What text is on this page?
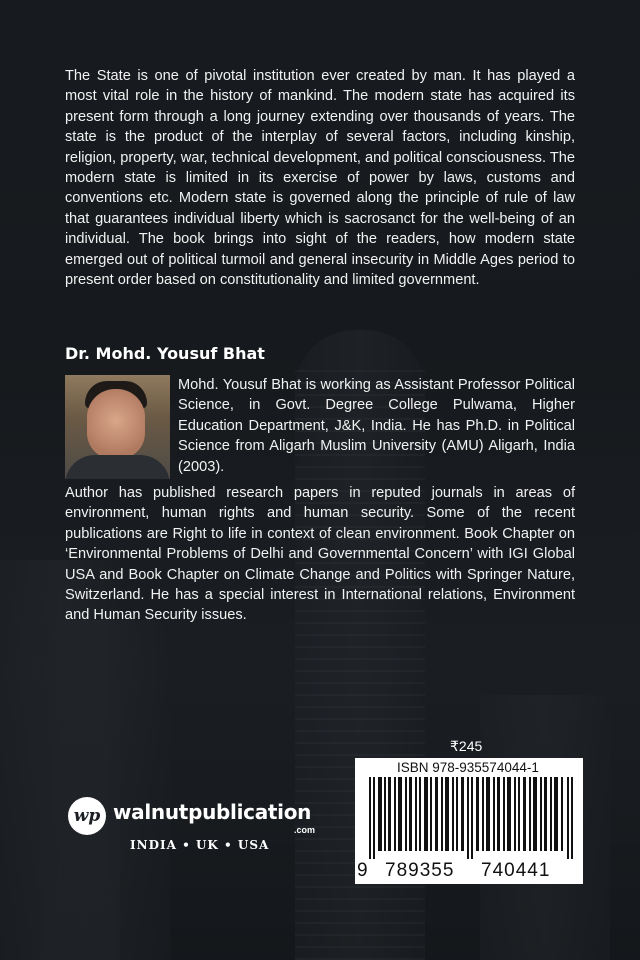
The State is one of pivotal institution ever created by man. It has played a most vital role in the history of mankind. The modern state has acquired its present form through a long journey extending over thousands of years. The state is the product of the interplay of several factors, including kinship, religion, property, war, technical development, and political consciousness. The modern state is limited in its exercise of power by laws, customs and conventions etc. Modern state is governed along the principle of rule of law that guarantees individual liberty which is sacrosanct for the well-being of an individual. The book brings into sight of the readers, how modern state emerged out of political turmoil and general insecurity in Middle Ages period to present order based on constitutionality and limited government.

Dr. Mohd. Yousuf Bhat

Mohd. Yousuf Bhat is working as Assistant Professor Political Science, in Govt. Degree College Pulwama, Higher Education Department, J&K, India. He has Ph.D. in Political Science from Aligarh Muslim University (AMU) Aligarh, India (2003).

Author has published research papers in reputed journals in areas of environment, human rights and human security. Some of the recent publications are Right to life in context of clean environment. Book Chapter on ‘Environmental Problems of Delhi and Governmental Concern’ with IGI Global USA and Book Chapter on Climate Change and Politics with Springer Nature, Switzerland. He has a special interest in International relations, Environment and Human Security issues.

wp walnutpublication
.com
INDIA • UK • USA
₹245
ISBN 978-935574044-1
9 789355 740441
